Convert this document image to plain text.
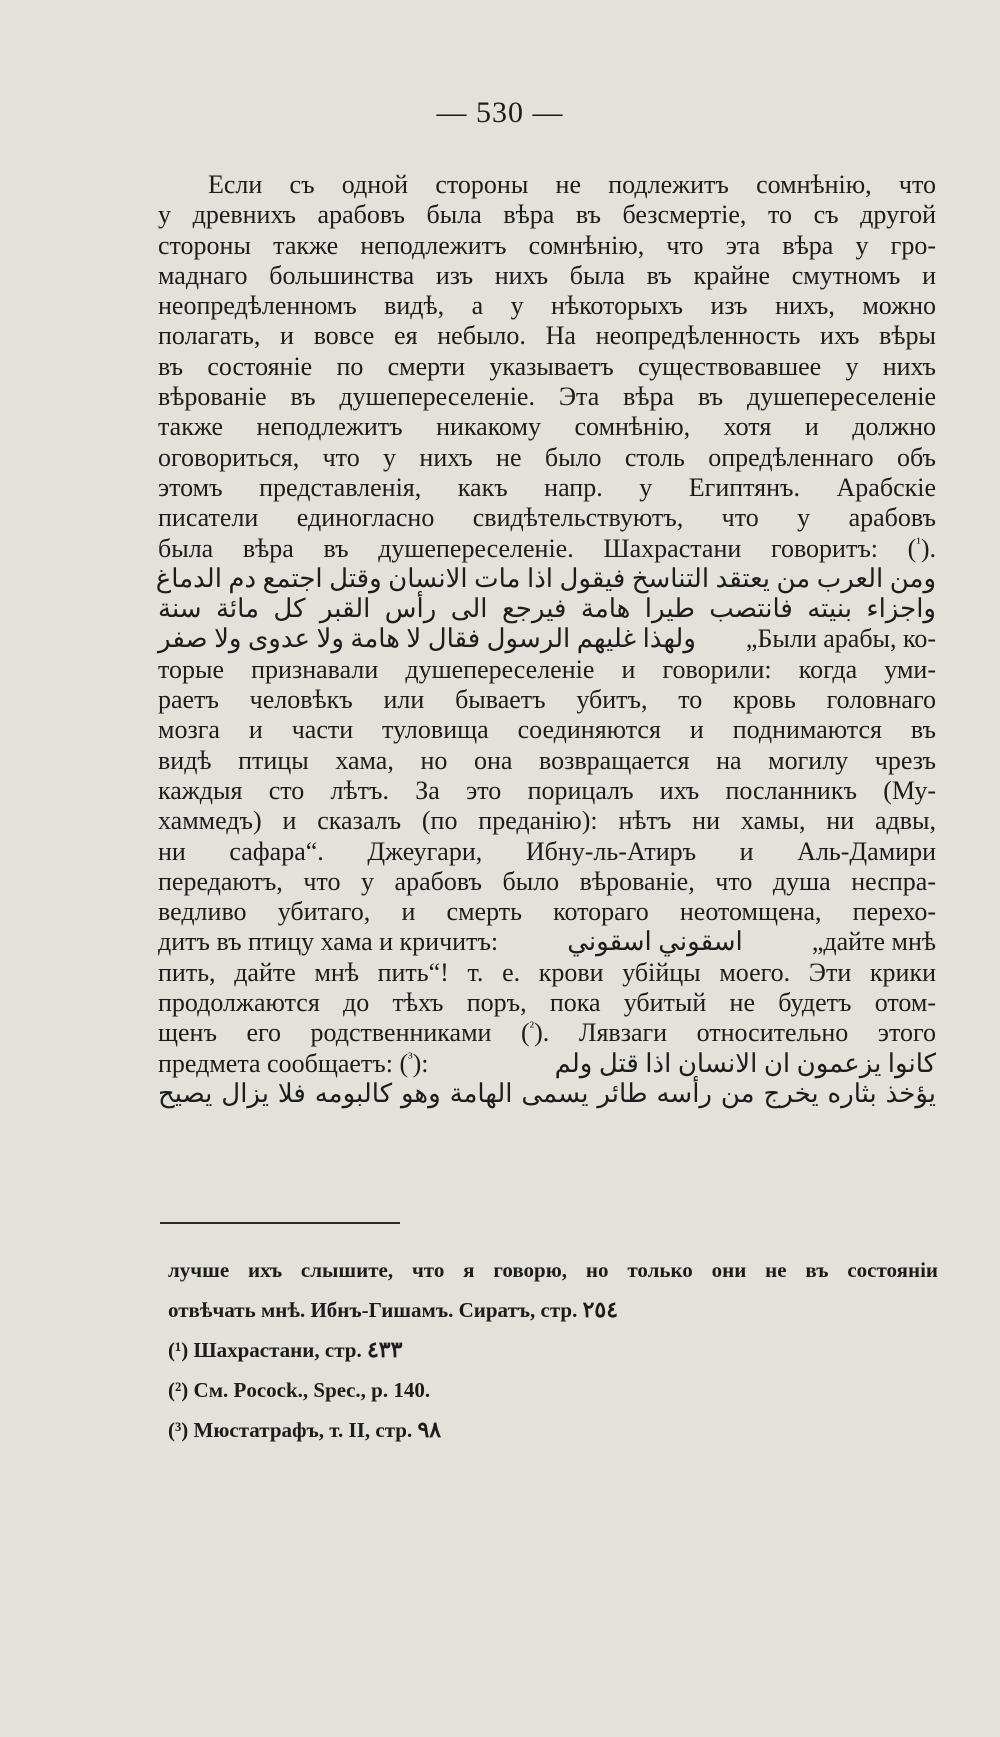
— 530 —
Если съ одной стороны не подлежитъ сомнѣнію, что
у древнихъ арабовъ была вѣра въ безсмертіе, то съ другой
стороны также неподлежитъ сомнѣнію, что эта вѣра у гро-
маднаго большинства изъ нихъ была въ крайне смутномъ и
неопредѣленномъ видѣ, а у нѣкоторыхъ изъ нихъ, можно
полагать, и вовсе ея небыло. На неопредѣленность ихъ вѣры
въ состояніе по смерти указываетъ существовавшее у нихъ
вѣрованіе въ душепереселеніе. Эта вѣра въ душепереселеніе
также неподлежитъ никакому сомнѣнію, хотя и должно
оговориться, что у нихъ не было столь опредѣленнаго объ
этомъ представленія, какъ напр. у Египтянъ. Арабскіе
писатели единогласно свидѣтельствуютъ, что у арабовъ
была вѣра въ душепереселеніе. Шахрастани говоритъ: ($^{^1}$).
ومن العرب من يعتقد التناسخ فيقول اذا مات الانسان وقتل اجتمع دم الدماغ
واجزاء بنيته فانتصب طيرا هامة فيرجع الى رأس القبر كل مائة سنة
ولهذا غليهم الرسول فقال لا هامة ولا عدوى ولا صفر „Были арабы, ко-
торые признавали душепереселеніе и говорили: когда уми-
раетъ человѣкъ или бываетъ убитъ, то кровь головнаго
мозга и части туловища соединяются и поднимаются въ
видѣ птицы хама, но она возвращается на могилу чрезъ
каждыя сто лѣтъ. За это порицалъ ихъ посланникъ (Му-
хаммедъ) и сказалъ (по преданію): нѣтъ ни хамы, ни адвы,
ни сафара“. Джеугари, Ибну-ль-Атиръ и Аль-Дамири
передаютъ, что у арабовъ было вѣрованіе, что душа неспра-
ведливо убитаго, и смерть котораго неотомщена, перехо-
дитъ въ птицу хама и кричитъ:	اسقوني اسقوني	„дайте мнѣ
пить, дайте мнѣ пить“! т. е. крови убійцы моего. Эти крики
продолжаются до тѣхъ поръ, пока убитый не будетъ отом-
щенъ его родственниками ($^{^2}$). Лявзаги относительно этого
предмета сообщаетъ: ($^{^3}$):	كانوا يزعمون ان الانسان اذا قتل ولم
يؤخذ بثاره يخرج من رأسه طائر يسمى الهامة وهو كالبومه فلا يزال يصيح
лучше ихъ слышите, что я говорю, но только они не въ состояніи
отвѣчать мнѣ. Ибнъ-Гишамъ. Сиратъ, стр. ٢٥٤
(¹) Шахрастани, стр. ٤٣٣
(²) См. Pocock., Spec., p. 140.
(³) Мюстатрафъ, т. II, стр. ٩٨
